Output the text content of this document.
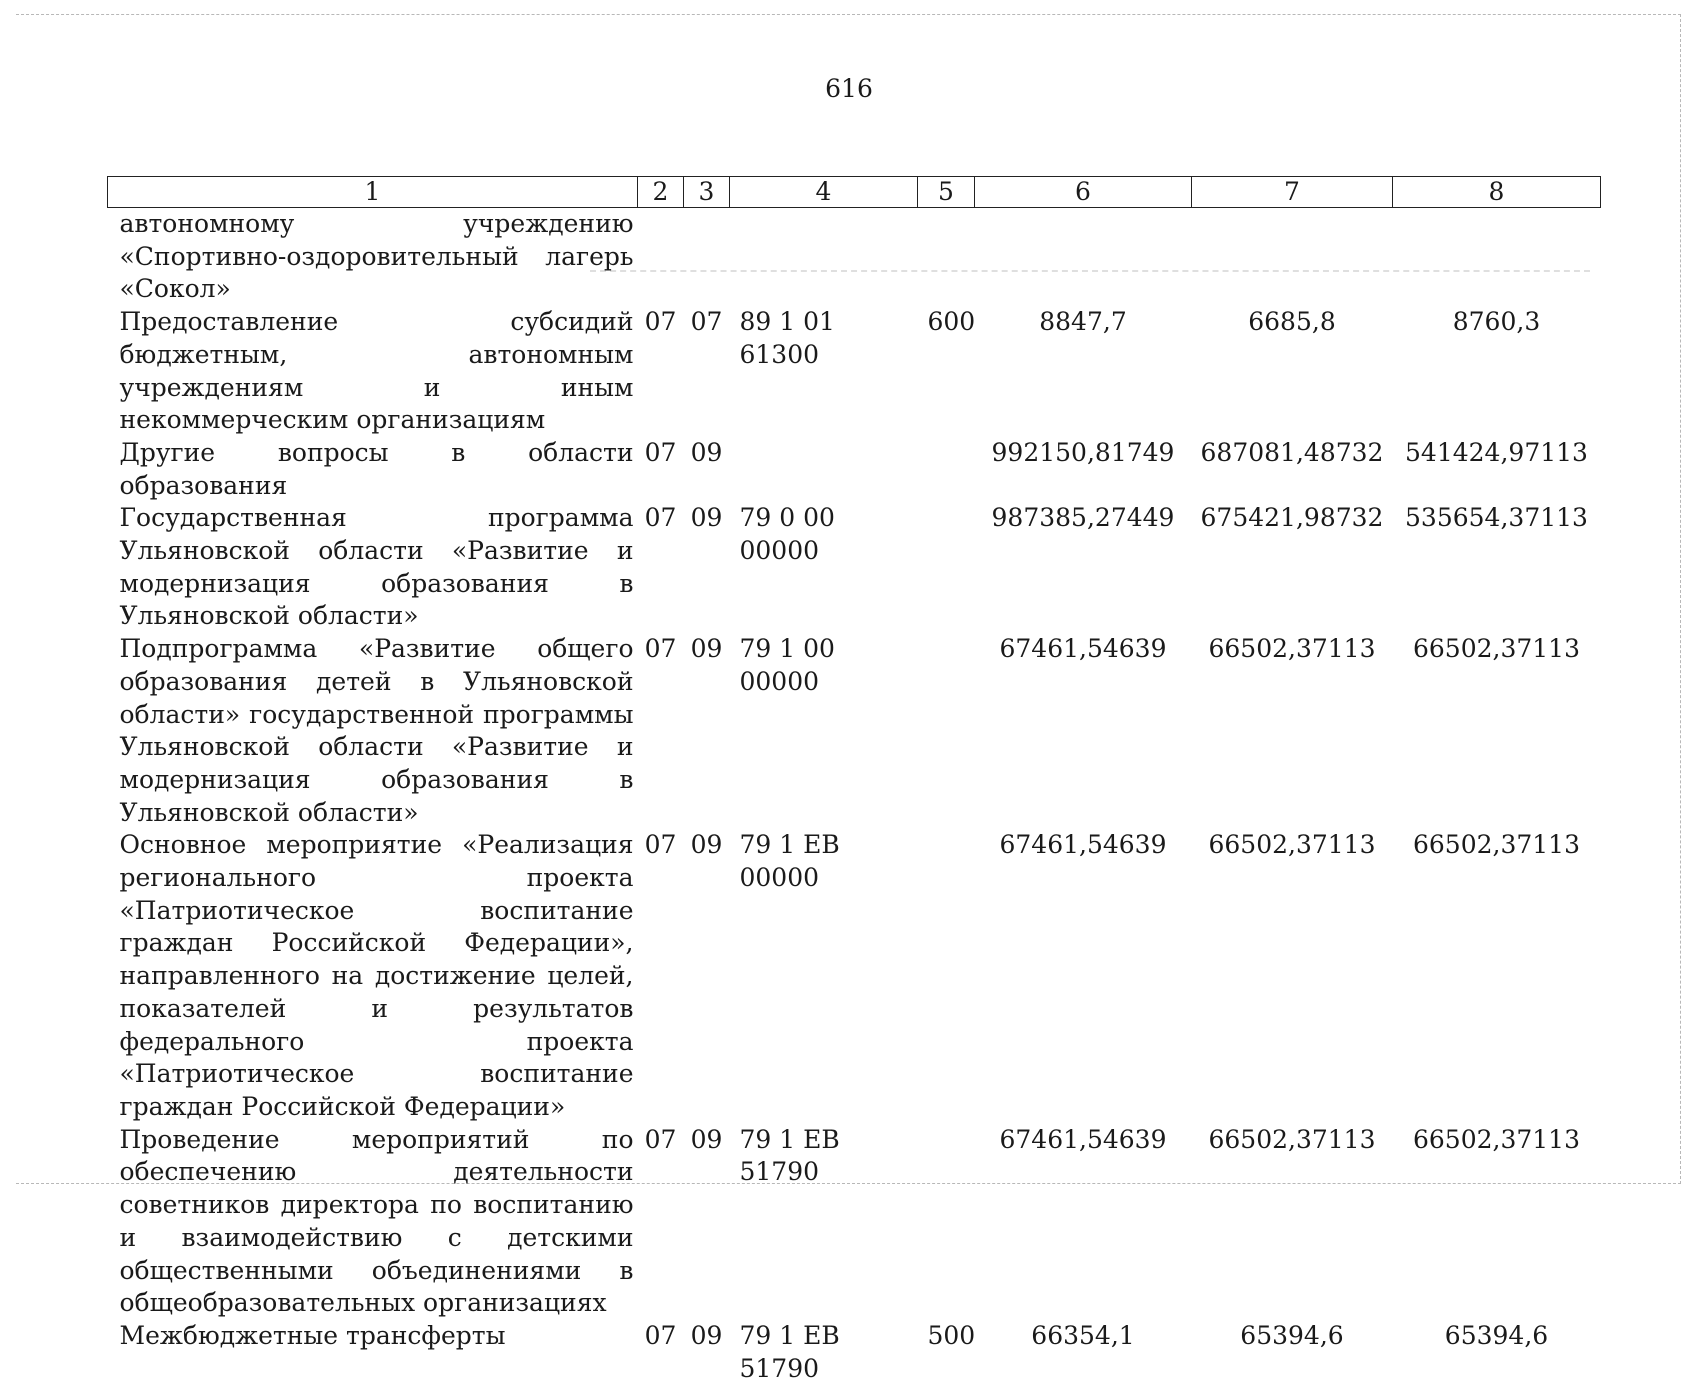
616
1	2	3	4	5	6	7	8
автономному учреждению «Спортивно-оздоровительный лагерь «Сокол»							
Предоставление субсидий бюджетным, автономным учреждениям и иным некоммерческим организациям	07	07	89 1 01 61300	600	8847,7	6685,8	8760,3
Другие вопросы в области образования	07	09			992150,81749	687081,48732	541424,97113
Государственная программа Ульяновской области «Развитие и модернизация образования в Ульяновской области»	07	09	79 0 00 00000		987385,27449	675421,98732	535654,37113
Подпрограмма «Развитие общего образования детей в Ульяновской области» государственной программы Ульяновской области «Развитие и модернизация образования в Ульяновской области»	07	09	79 1 00 00000		67461,54639	66502,37113	66502,37113
Основное мероприятие «Реализация регионального проекта «Патриотическое воспитание граждан Российской Федерации», направленного на достижение целей, показателей и результатов федерального проекта «Патриотическое воспитание граждан Российской Федерации»	07	09	79 1 ЕВ 00000		67461,54639	66502,37113	66502,37113
Проведение мероприятий по обеспечению деятельности советников директора по воспитанию и взаимодействию с детскими общественными объединениями в общеобразовательных организациях	07	09	79 1 ЕВ 51790		67461,54639	66502,37113	66502,37113
Межбюджетные трансферты	07	09	79 1 ЕВ 51790	500	66354,1	65394,6	65394,6
